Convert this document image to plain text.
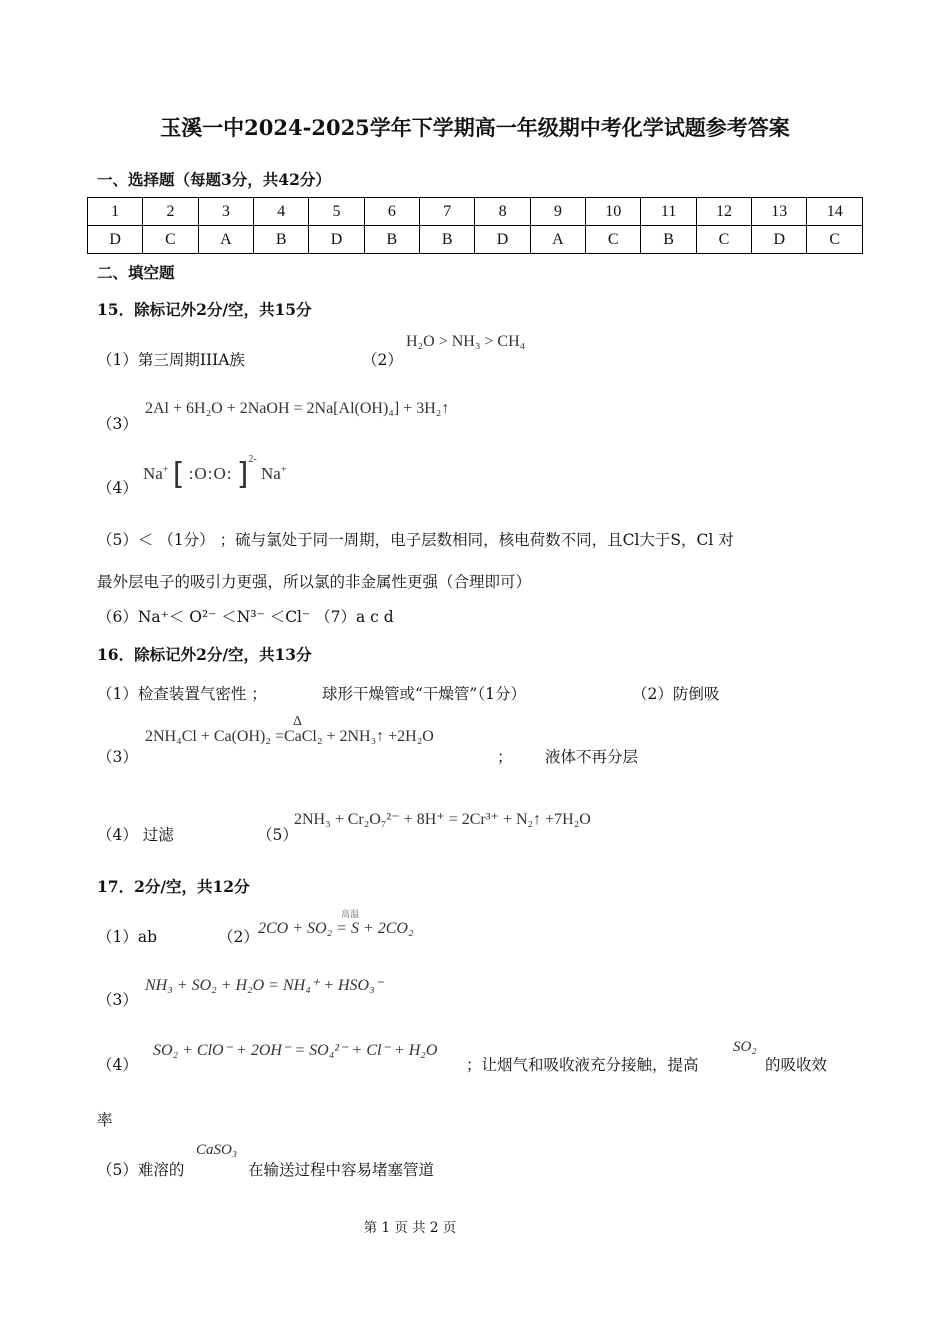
玉溪一中2024-2025学年下学期高一年级期中考化学试题参考答案
一、选择题（每题3分，共42分）
1	2	3	4	5	6	7	8	9	10	11	12	13	14
D	C	A	B	D	B	B	D	A	C	B	C	D	C
二、填空题
15．除标记外2分/空，共15分
（1）第三周期IIIA族	（2）
H₂O > NH₃ > CH₄
（3）
2Al + 6H₂O + 2NaOH = 2Na[Al(OH)₄] + 3H₂↑
（4）
Na+ [ :O:O: ]$^{2-}$ Na+
（5）＜ （1分） ；硫与氯处于同一周期，电子层数相同，核电荷数不同，且Cl大于S，Cl 对
最外层电子的吸引力更强，所以氯的非金属性更强（合理即可）
（6）Na⁺＜ O²⁻ ＜N³⁻ ＜Cl⁻ （7）a c d
16．除标记外2分/空，共13分
（1）检查装置气密性 ；	球形干燥管或“干燥管”（1分）	（2）防倒吸
（3）
Δ
2NH₄Cl + Ca(OH)₂ =CaCl₂ + 2NH₃↑ +2H₂O
； 液体不再分层
（4） 过滤	（5）
2NH₃ + Cr₂O₇²⁻ + 8H⁺ = 2Cr³⁺ + N₂↑ +7H₂O
17．2分/空，共12分
（1）ab	（2）
高温
2CO + SO₂ = S + 2CO₂
（3）
NH₃ + SO₂ + H₂O = NH₄⁺ + HSO₃⁻
（4）
SO₂ + ClO⁻ + 2OH⁻ = SO₄²⁻ + Cl⁻ + H₂O
；让烟气和吸收液充分接触，提高
SO₂
的吸收效
率
（5）难溶的
CaSO₃
在输送过程中容易堵塞管道
第 1 页 共 2 页
